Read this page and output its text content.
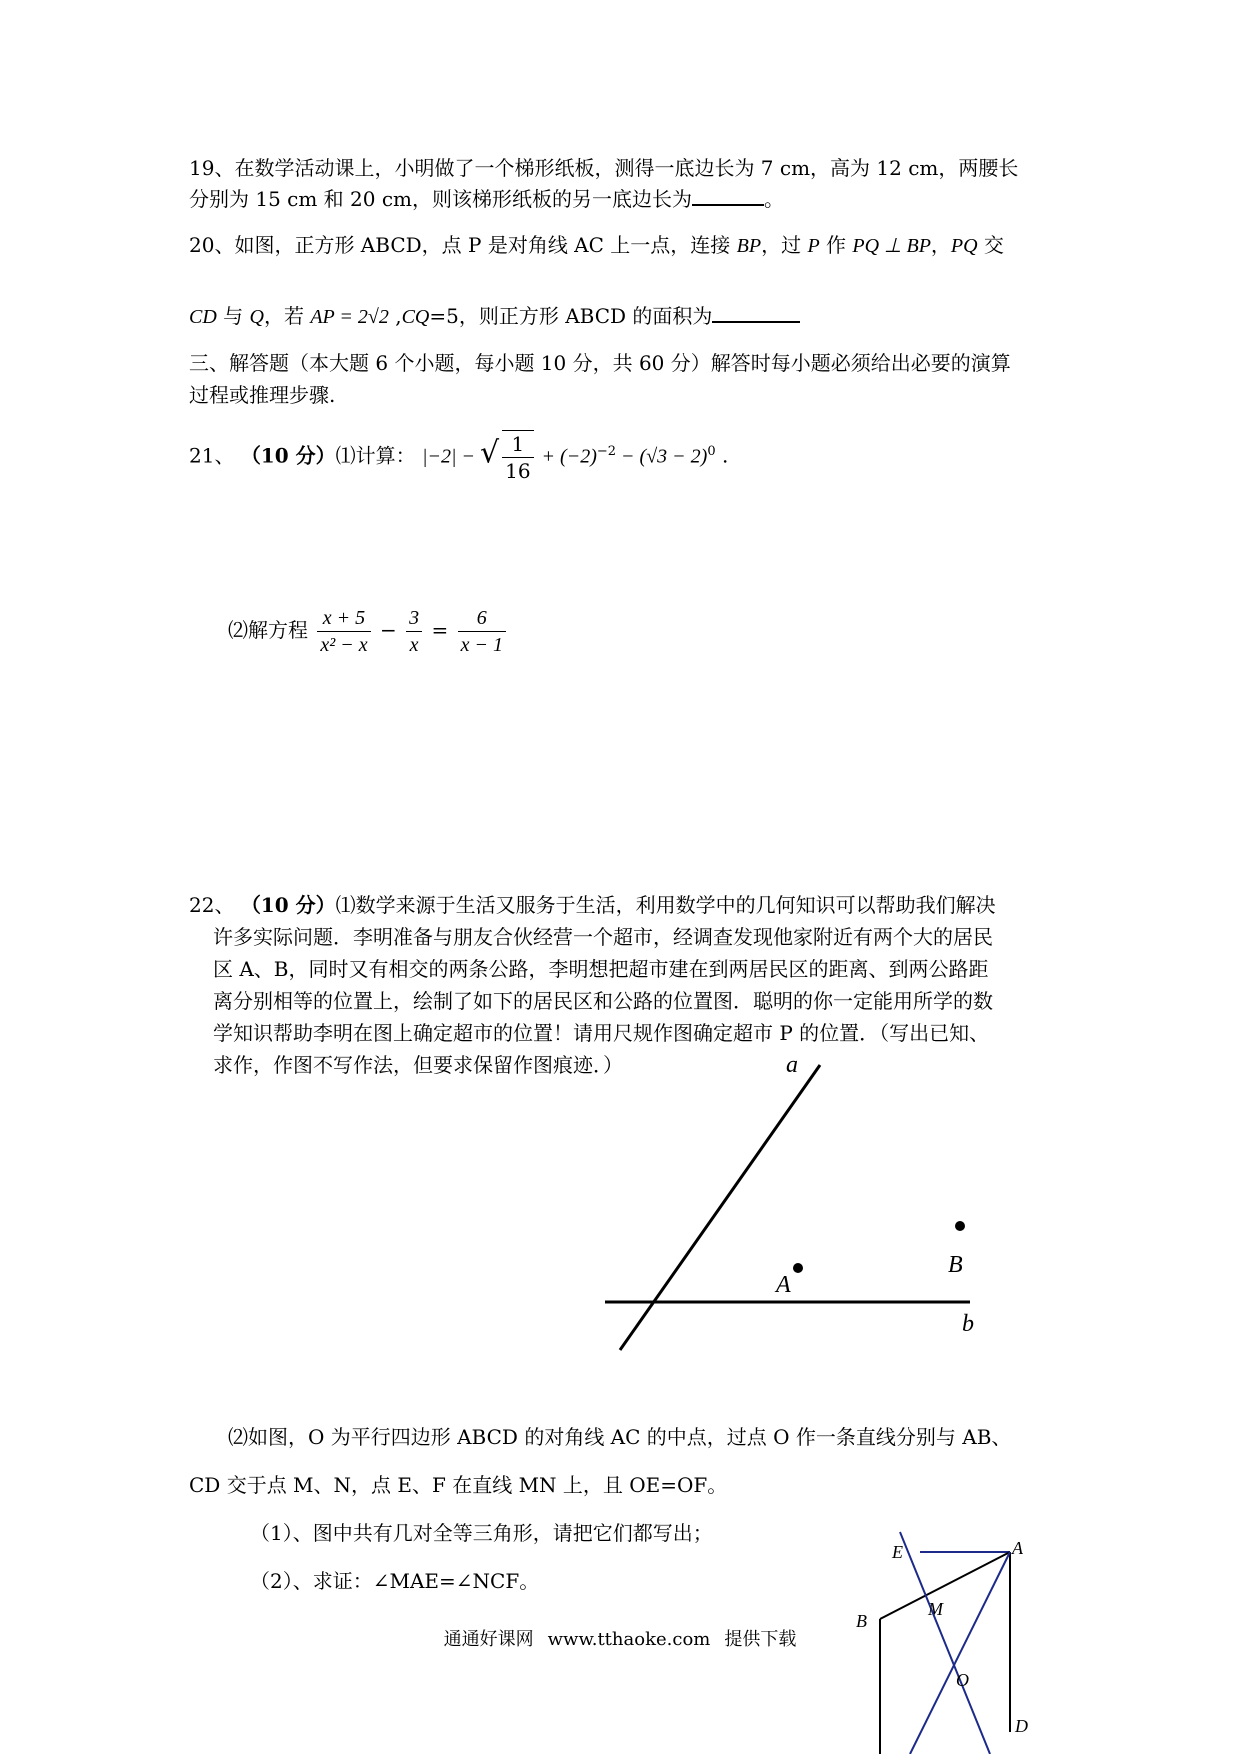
19、在数学活动课上，小明做了一个梯形纸板，测得一底边长为 7 cm，高为 12 cm，两腰长
分别为 15 cm 和 20 cm，则该梯形纸板的另一底边长为	。
20、如图，正方形 ABCD，点 P 是对角线 AC 上一点，连接 BP，过 P 作 PQ ⊥ BP，PQ 交
CD 与 Q，若 AP = 2√2 ,CQ=5，则正方形 ABCD 的面积为
三、解答题（本大题 6 个小题，每小题 10 分，共 60 分）解答时每小题必须给出必要的演算
过程或推理步骤.
21、 （10 分）⑴计算： |−2| − √ $\frac{1}{16} + (-2)^{-2} - (√3 - 2)^0$ .
⑵解方程 $\frac{x + 5}{\text{x² − x}} - \frac{3}{x} = \frac{6}{x - 1}$
22、 （10 分）⑴数学来源于生活又服务于生活，利用数学中的几何知识可以帮助我们解决
许多实际问题．李明准备与朋友合伙经营一个超市，经调查发现他家附近有两个大的居民
区 A、B，同时又有相交的两条公路，李明想把超市建在到两居民区的距离、到两公路距
离分别相等的位置上，绘制了如下的居民区和公路的位置图．聪明的你一定能用所学的数
学知识帮助李明在图上确定超市的位置！请用尺规作图确定超市 P 的位置．（写出已知、
求作，作图不写作法，但要求保留作图痕迹．）	a
b
A
B
⑵如图，O 为平行四边形 ABCD 的对角线 AC 的中点，过点 O 作一条直线分别与 AB、
CD 交于点 M、N，点 E、F 在直线 MN 上，且 OE=OF。
（1）、图中共有几对全等三角形，请把它们都写出；
（2）、求证：∠MAE=∠NCF。
E	A
B
M
O
D
通通好课网 www.tthaoke.com 提供下载
